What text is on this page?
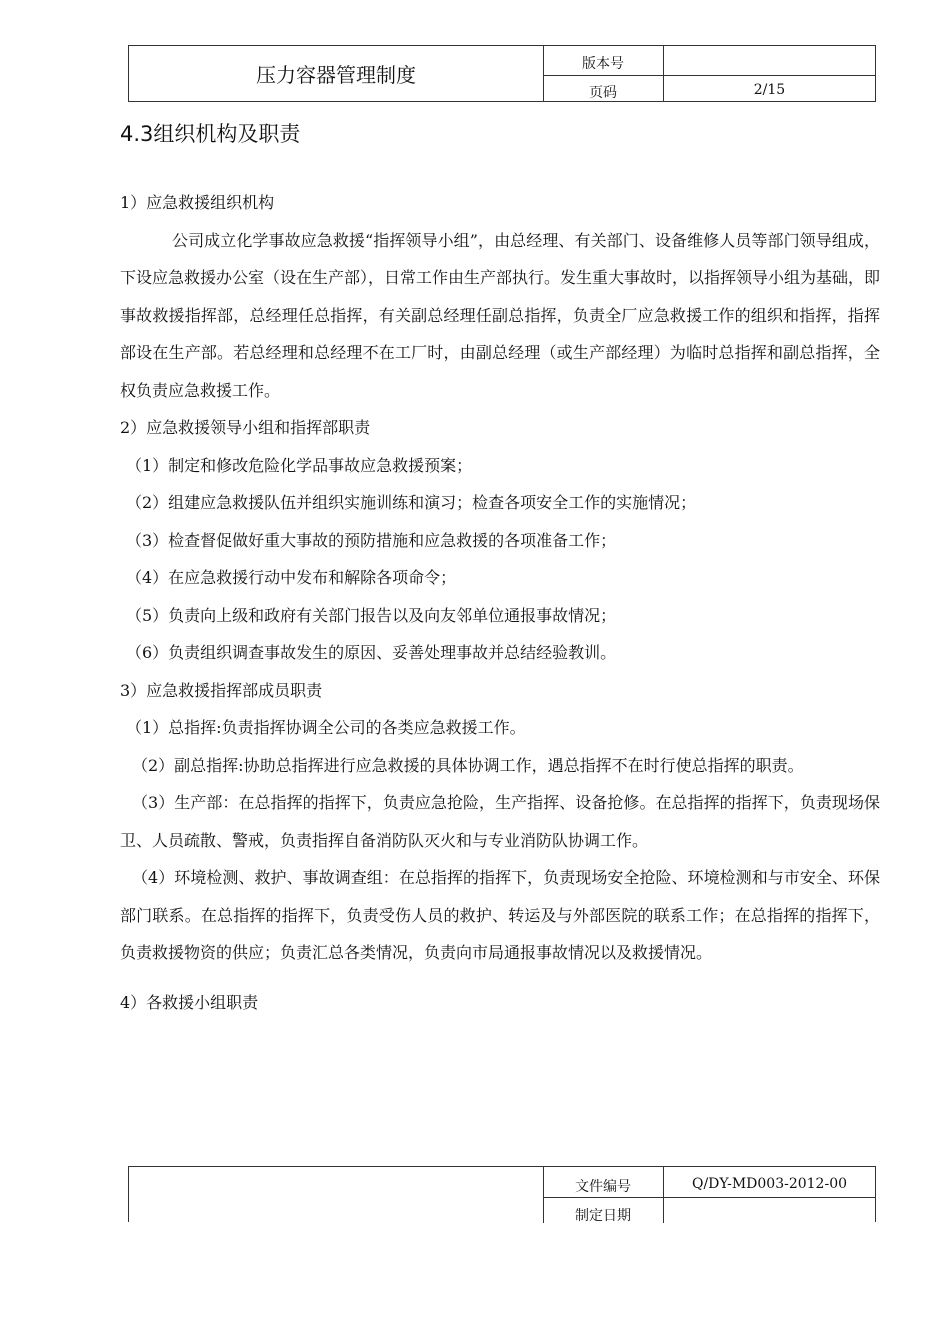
压力容器管理制度	版本号
页码	2/15
4.3组织机构及职责

1）应急救援组织机构

公司成立化学事故应急救援“指挥领导小组”，由总经理、有关部门、设备维修人员等部门领导组成，下设应急救援办公室（设在生产部），日常工作由生产部执行。发生重大事故时，以指挥领导小组为基础，即事故救援指挥部，总经理任总指挥，有关副总经理任副总指挥，负责全厂应急救援工作的组织和指挥，指挥部设在生产部。若总经理和总经理不在工厂时，由副总经理（或生产部经理）为临时总指挥和副总指挥，全权负责应急救援工作。

2）应急救援领导小组和指挥部职责

（1）制定和修改危险化学品事故应急救援预案；

（2）组建应急救援队伍并组织实施训练和演习；检查各项安全工作的实施情况；

（3）检查督促做好重大事故的预防措施和应急救援的各项准备工作；

（4）在应急救援行动中发布和解除各项命令；

（5）负责向上级和政府有关部门报告以及向友邻单位通报事故情况；

（6）负责组织调查事故发生的原因、妥善处理事故并总结经验教训。

3）应急救援指挥部成员职责

（1）总指挥:负责指挥协调全公司的各类应急救援工作。

（2）副总指挥:协助总指挥进行应急救援的具体协调工作，遇总指挥不在时行使总指挥的职责。

（3）生产部：在总指挥的指挥下，负责应急抢险，生产指挥、设备抢修。在总指挥的指挥下，负责现场保卫、人员疏散、警戒，负责指挥自备消防队灭火和与专业消防队协调工作。

（4）环境检测、救护、事故调查组：在总指挥的指挥下，负责现场安全抢险、环境检测和与市安全、环保部门联系。在总指挥的指挥下，负责受伤人员的救护、转运及与外部医院的联系工作；在总指挥的指挥下，负责救援物资的供应；负责汇总各类情况，负责向市局通报事故情况以及救援情况。

4）各救援小组职责

文件编号	Q/DY-MD003-2012-00
制定日期
